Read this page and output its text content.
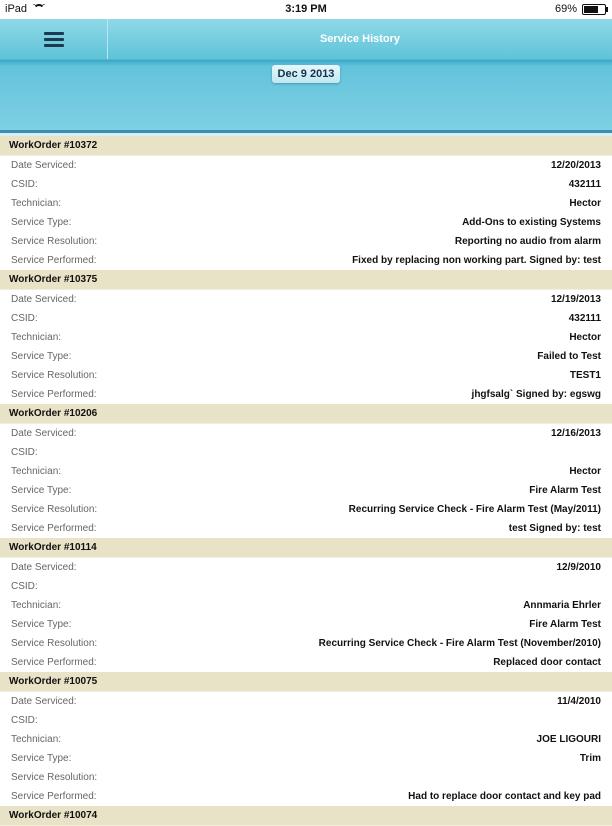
iPad	3:19 PM	69%
Service History
Dec 9 2013
WorkOrder #10372
Date Serviced:	12/20/2013
CSID:	432111
Technician:	Hector
Service Type:	Add-Ons to existing Systems
Service Resolution:	Reporting no audio from alarm
Service Performed:	Fixed by replacing non working part. Signed by: test
WorkOrder #10375
Date Serviced:	12/19/2013
CSID:	432111
Technician:	Hector
Service Type:	Failed to Test
Service Resolution:	TEST1
Service Performed:	jhgfsalg` Signed by: egswg
WorkOrder #10206
Date Serviced:	12/16/2013
CSID:
Technician:	Hector
Service Type:	Fire Alarm Test
Service Resolution:	Recurring Service Check - Fire Alarm Test (May/2011)
Service Performed:	test Signed by: test
WorkOrder #10114
Date Serviced:	12/9/2010
CSID:
Technician:	Annmaria Ehrler
Service Type:	Fire Alarm Test
Service Resolution:	Recurring Service Check - Fire Alarm Test (November/2010)
Service Performed:	Replaced door contact
WorkOrder #10075
Date Serviced:	11/4/2010
CSID:
Technician:	JOE LIGOURI
Service Type:	Trim
Service Resolution:
Service Performed:	Had to replace door contact and key pad
WorkOrder #10074
